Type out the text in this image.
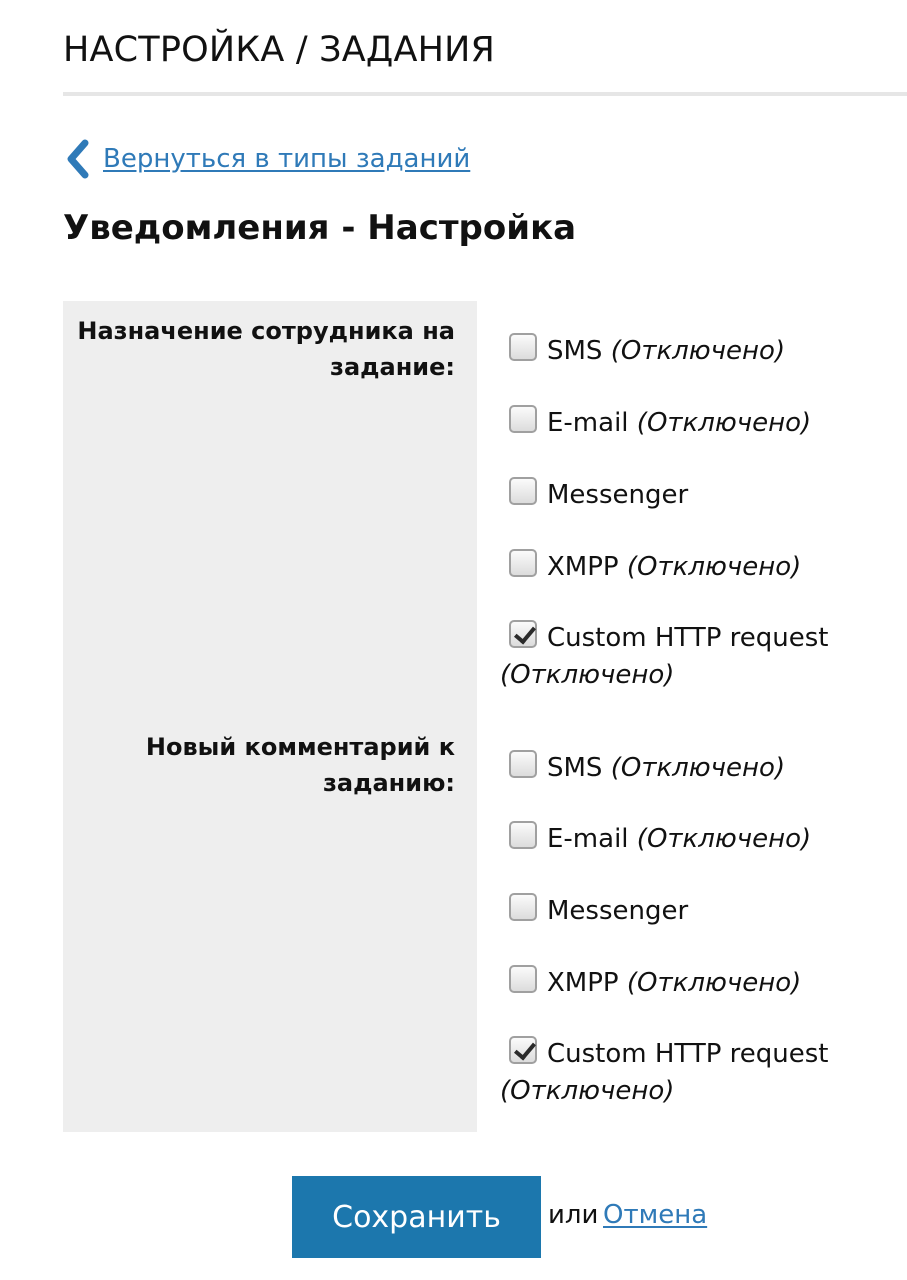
НАСТРОЙКА / ЗАДАНИЯ
Вернуться в типы заданий
Уведомления - Настройка
Назначение сотрудника на задание:
Новый комментарий к заданию:
SMS (Отключено)
E-mail (Отключено)
Messenger
XMPP (Отключено)
Custom HTTP request (Отключено)
SMS (Отключено)
E-mail (Отключено)
Messenger
XMPP (Отключено)
Custom HTTP request (Отключено)
Сохранить	или Отмена
